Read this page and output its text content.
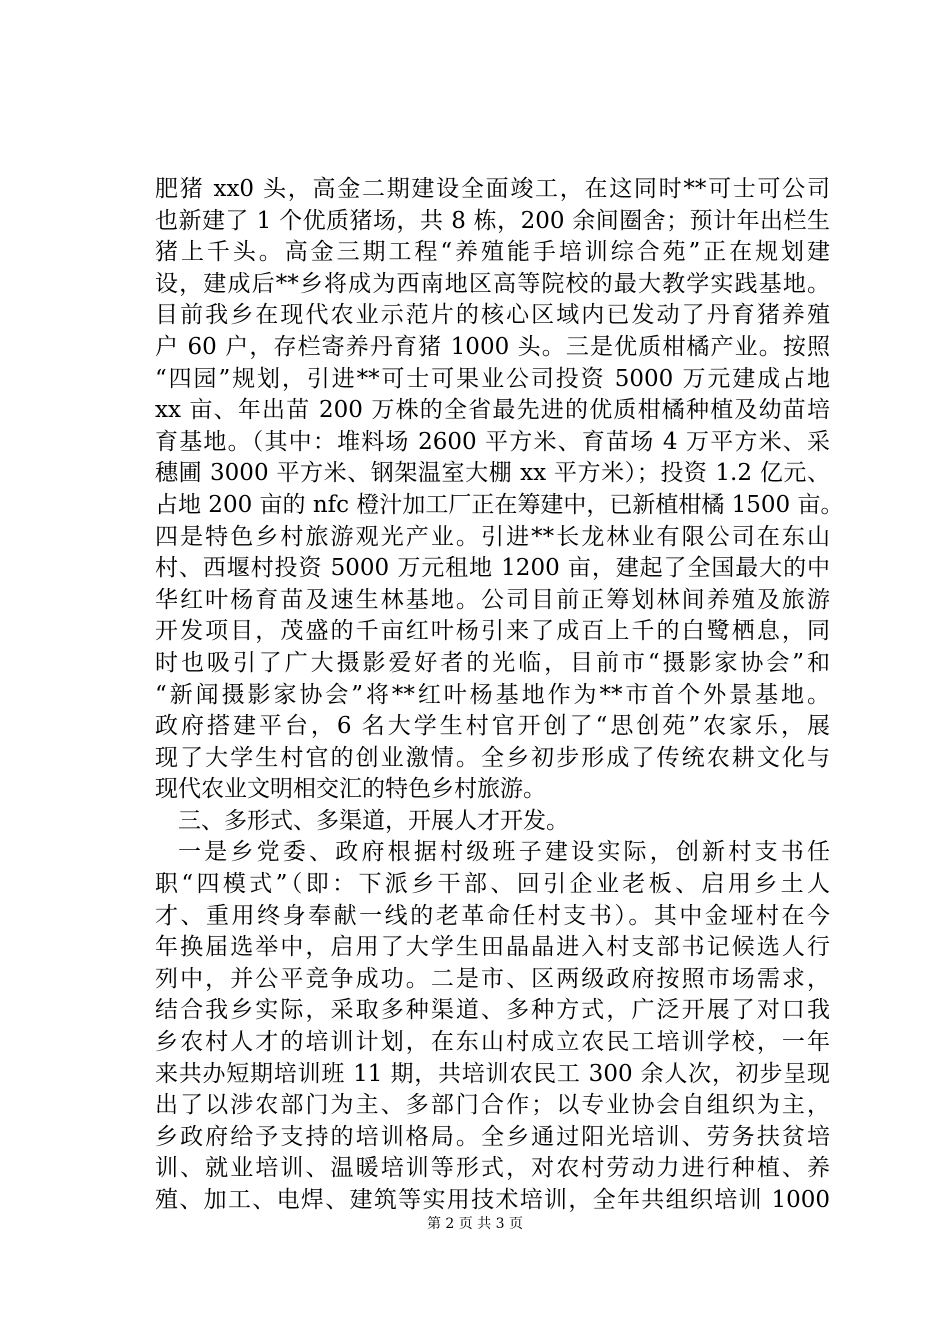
肥猪 xx0 头，高金二期建设全面竣工，在这同时**可士可公司
也新建了 1 个优质猪场，共 8 栋，200 余间圈舍；预计年出栏生
猪上千头。高金三期工程“养殖能手培训综合苑”正在规划建
设，建成后**乡将成为西南地区高等院校的最大教学实践基地。
目前我乡在现代农业示范片的核心区域内已发动了丹育猪养殖
户 60 户，存栏寄养丹育猪 1000 头。三是优质柑橘产业。按照
“四园”规划，引进**可士可果业公司投资 5000 万元建成占地
xx 亩、年出苗 200 万株的全省最先进的优质柑橘种植及幼苗培
育基地。（其中：堆料场 2600 平方米、育苗场 4 万平方米、采
穗圃 3000 平方米、钢架温室大棚 xx 平方米）；投资 1.2 亿元、
占地 200 亩的 nfc 橙汁加工厂正在筹建中，已新植柑橘 1500 亩。
四是特色乡村旅游观光产业。引进**长龙林业有限公司在东山
村、西堰村投资 5000 万元租地 1200 亩，建起了全国最大的中
华红叶杨育苗及速生林基地。公司目前正筹划林间养殖及旅游
开发项目，茂盛的千亩红叶杨引来了成百上千的白鹭栖息，同
时也吸引了广大摄影爱好者的光临，目前市“摄影家协会”和
“新闻摄影家协会”将**红叶杨基地作为**市首个外景基地。
政府搭建平台，6 名大学生村官开创了“思创苑”农家乐，展
现了大学生村官的创业激情。全乡初步形成了传统农耕文化与
现代农业文明相交汇的特色乡村旅游。
三、多形式、多渠道，开展人才开发。
一是乡党委、政府根据村级班子建设实际，创新村支书任
职“四模式”（即：下派乡干部、回引企业老板、启用乡土人
才、重用终身奉献一线的老革命任村支书）。其中金垭村在今
年换届选举中，启用了大学生田晶晶进入村支部书记候选人行
列中，并公平竞争成功。二是市、区两级政府按照市场需求，
结合我乡实际，采取多种渠道、多种方式，广泛开展了对口我
乡农村人才的培训计划，在东山村成立农民工培训学校，一年
来共办短期培训班 11 期，共培训农民工 300 余人次，初步呈现
出了以涉农部门为主、多部门合作；以专业协会自组织为主，
乡政府给予支持的培训格局。全乡通过阳光培训、劳务扶贫培
训、就业培训、温暖培训等形式，对农村劳动力进行种植、养
殖、加工、电焊、建筑等实用技术培训，全年共组织培训 1000
第 2 页 共 3 页
